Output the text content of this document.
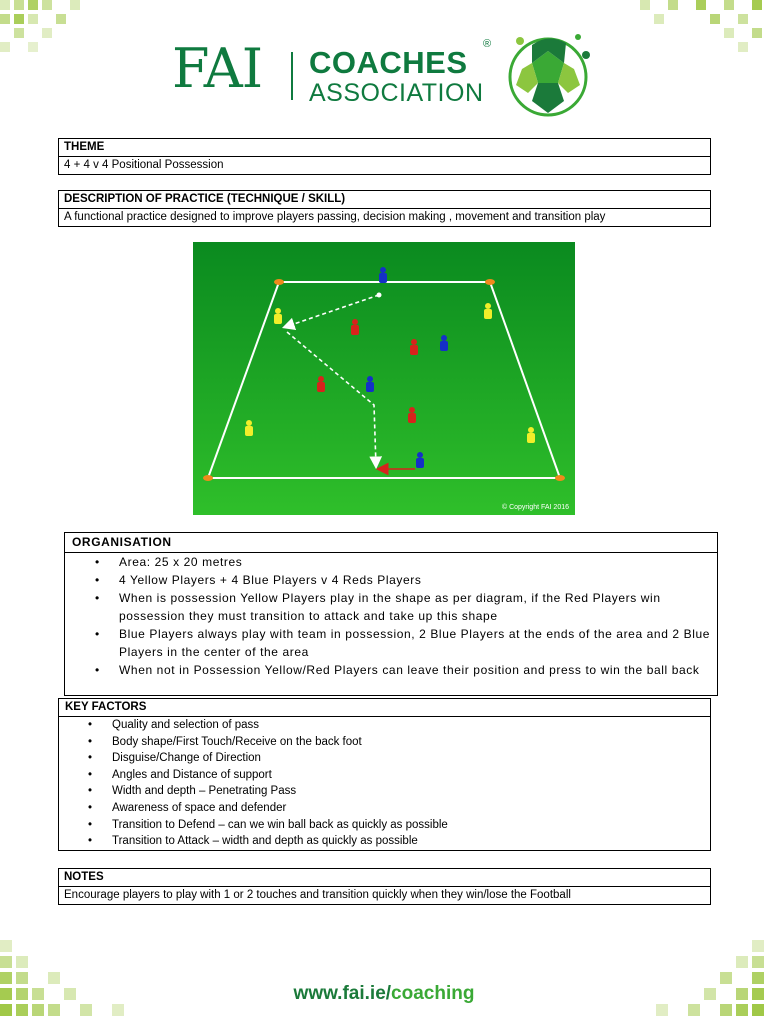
FAI COACHES
ASSOCIATION
®
THEME
4 + 4 v 4 Positional Possession
DESCRIPTION OF PRACTICE (TECHNIQUE / SKILL)
A functional practice designed to improve players passing, decision making , movement and transition play
© Copyright FAI 2016
ORGANISATION
• Area: 25 x 20 metres
• 4 Yellow Players + 4 Blue Players v 4 Reds Players
• When is possession Yellow Players play in the shape as per diagram, if the Red Players win possession they must transition to attack and take up this shape
• Blue Players always play with team in possession, 2 Blue Players at the ends of the area and 2 Blue Players in the center of the area
• When not in Possession Yellow/Red Players can leave their position and press to win the ball back
KEY FACTORS
• Quality and selection of pass
• Body shape/First Touch/Receive on the back foot
• Disguise/Change of Direction
• Angles and Distance of support
• Width and depth – Penetrating Pass
• Awareness of space and defender
• Transition to Defend – can we win ball back as quickly as possible
• Transition to Attack – width and depth as quickly as possible
NOTES
Encourage players to play with 1 or 2 touches and transition quickly when they win/lose the Football
www.fai.ie/coaching
